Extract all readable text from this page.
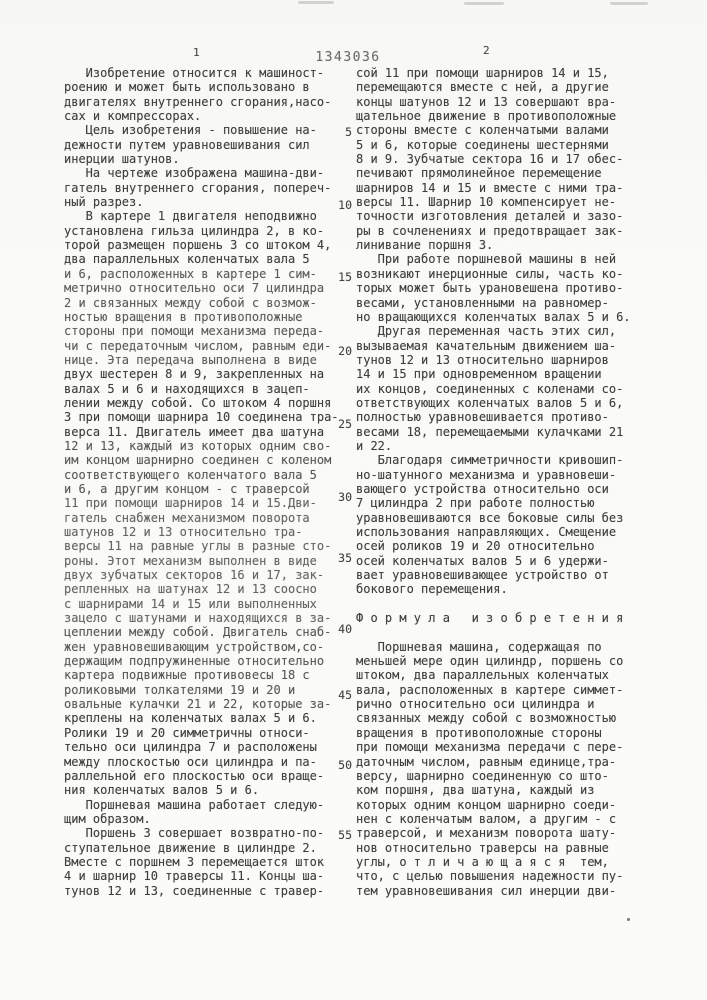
1	1343036	2
Изобретение относится к машиност-
роению и может быть использовано в
двигателях внутреннего сгорания,насо-
сах и компрессорах.
Цель изобретения - повышение на-
дежности путем уравновешивания сил
инерции шатунов.
На чертеже изображена машина-дви-
гатель внутреннего сгорания, попереч-
ный разрез.
В картере 1 двигателя неподвижно
установлена гильза цилиндра 2, в ко-
торой размещен поршень 3 со штоком 4,
два параллельных коленчатых вала 5
и 6, расположенных в картере 1 сим-
метрично относительно оси 7 цилиндра
2 и связанных между собой с возмож-
ностью вращения в противоположные
стороны при помощи механизма переда-
чи с передаточным числом, равным еди-
нице. Эта передача выполнена в виде
двух шестерен 8 и 9, закрепленных на
валах 5 и 6 и находящихся в зацеп-
лении между собой. Со штоком 4 поршня
3 при помощи шарнира 10 соединена тра-
верса 11. Двигатель имеет два шатуна
12 и 13, каждый из которых одним сво-
им концом шарнирно соединен с коленом
соответствующего коленчатого вала 5
и 6, а другим концом - с траверсой
11 при помощи шарниров 14 и 15.Дви-
гатель снабжен механизмом поворота
шатунов 12 и 13 относительно тра-
версы 11 на равные углы в разные сто-
роны. Этот механизм выполнен в виде
двух зубчатых секторов 16 и 17, зак-
репленных на шатунах 12 и 13 соосно
с шарнирами 14 и 15 или выполненных
зацело с шатунами и находящихся в за-
цеплении между собой. Двигатель снаб-
жен уравновешивающим устройством,со-
держащим подпружиненные относительно
картера подвижные противовесы 18 с
роликовыми толкателями 19 и 20 и
овальные кулачки 21 и 22, которые за-
креплены на коленчатых валах 5 и 6.
Ролики 19 и 20 симметричны относи-
тельно оси цилиндра 7 и расположены
между плоскостью оси цилиндра и па-
раллельной его плоскостью оси враще-
ния коленчатых валов 5 и 6.
Поршневая машина работает следую-
щим образом.
Поршень 3 совершает возвратно-по-
ступательное движение в цилиндре 2.
Вместе с поршнем 3 перемещается шток
4 и шарнир 10 траверсы 11. Концы ша-
тунов 12 и 13, соединенные с травер-
5
10
15
20
25
30
35
40
45
50
55
сой 11 при помощи шарниров 14 и 15,
перемещаются вместе с ней, а другие
концы шатунов 12 и 13 совершают вра-
щательное движение в противоположные
стороны вместе с коленчатыми валами
5 и 6, которые соединены шестернями
8 и 9. Зубчатые сектора 16 и 17 обес-
печивают прямолинейное перемещение
шарниров 14 и 15 и вместе с ними тра-
версы 11. Шарнир 10 компенсирует не-
точности изготовления деталей и зазо-
ры в сочленениях и предотвращает зак-
линивание поршня 3.
При работе поршневой машины в ней
возникают инерционные силы, часть ко-
торых может быть урановешена противо-
весами, установленными на равномер-
но вращающихся коленчатых валах 5 и 6.
Другая переменная часть этих сил,
вызываемая качательным движением ша-
тунов 12 и 13 относительно шарниров
14 и 15 при одновременном вращении
их концов, соединенных с коленами со-
ответствующих коленчатых валов 5 и 6,
полностью уравновешивается противо-
весами 18, перемещаемыми кулачками 21
и 22.
Благодаря симметричности кривошип-
но-шатунного механизма и уравновеши-
вающего устройства относительно оси
7 цилиндра 2 при работе полностью
уравновешиваются все боковые силы без
использования направляющих. Смещение
осей роликов 19 и 20 относительно
осей коленчатых валов 5 и 6 удержи-
вает уравновешивающее устройство от
бокового перемещения.
Ф о р м у л а   и з о б р е т е н и я
Поршневая машина, содержащая по
меньшей мере один цилиндр, поршень со
штоком, два параллельных коленчатых
вала, расположенных в картере симмет-
рично относительно оси цилиндра и
связанных между собой с возможностью
вращения в противоположные стороны
при помощи механизма передачи с пере-
даточным числом, равным единице,тра-
версу, шарнирно соединенную со што-
ком поршня, два шатуна, каждый из
которых одним концом шарнирно соеди-
нен с коленчатым валом, а другим - с
траверсой, и механизм поворота шату-
нов относительно траверсы на равные
углы, о т л и ч а ю щ а я с я  тем,
что, с целью повышения надежности пу-
тем уравновешивания сил инерции дви-
